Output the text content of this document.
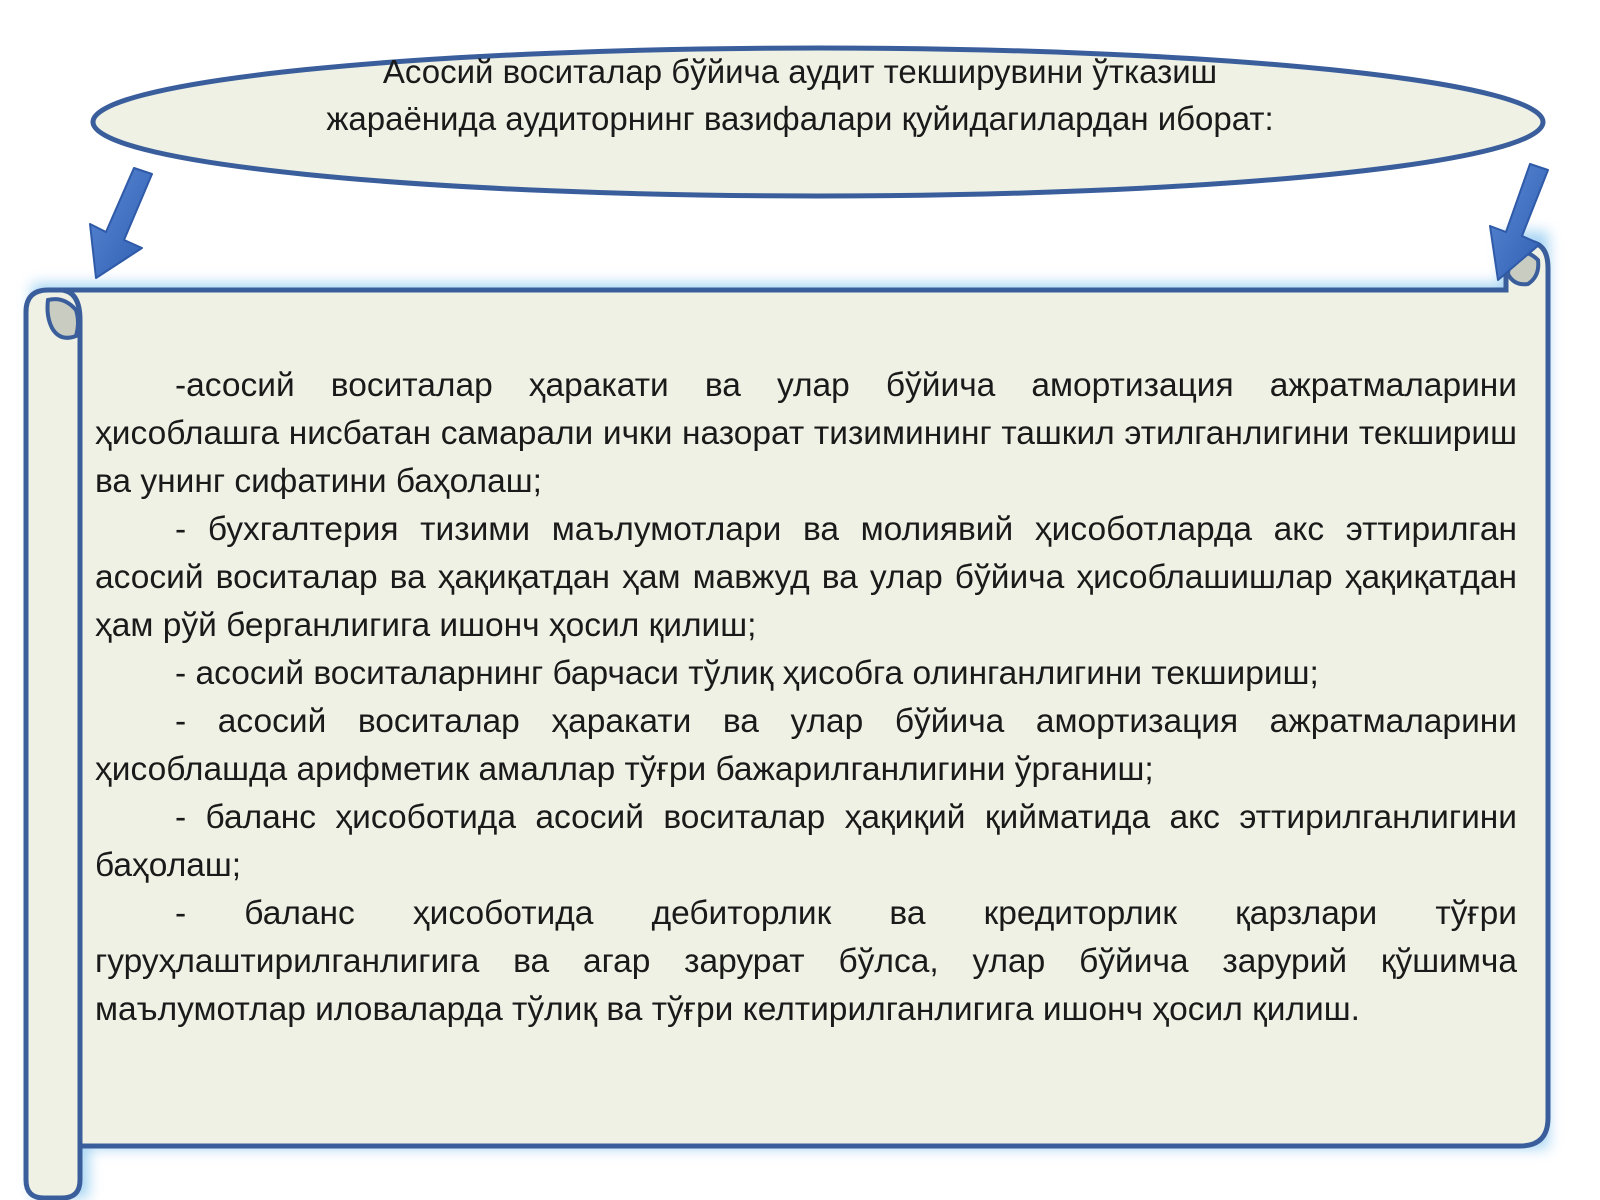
Асосий воситалар бўйича аудит текширувини ўтказиш жараёнида аудиторнинг вазифалари қуйидагилардан иборат:

-асосий воситалар ҳаракати ва улар бўйича амортизация ажратмаларини ҳисоблашга нисбатан самарали ички назорат тизимининг ташкил этилганлигини текшириш ва унинг сифатини баҳолаш;

- бухгалтерия тизими маълумотлари ва молиявий ҳисоботларда акс эттирилган асосий воситалар ва ҳақиқатдан ҳам мавжуд ва улар бўйича ҳисоблашишлар ҳақиқатдан ҳам рўй берганлигига ишонч ҳосил қилиш;

- асосий воситаларнинг барчаси тўлиқ ҳисобга олинганлигини текшириш;

- асосий воситалар ҳаракати ва улар бўйича амортизация ажратмаларини ҳисоблашда арифметик амаллар тўғри бажарилганлигини ўрганиш;

- баланс ҳисоботида асосий воситалар ҳақиқий қийматида акс эттирилганлигини баҳолаш;

- баланс ҳисоботида дебиторлик ва кредиторлик қарзлари тўғри гуруҳлаштирилганлигига ва агар зарурат бўлса, улар бўйича зарурий қўшимча маълумотлар иловаларда тўлиқ ва тўғри келтирилганлигига ишонч ҳосил қилиш.
